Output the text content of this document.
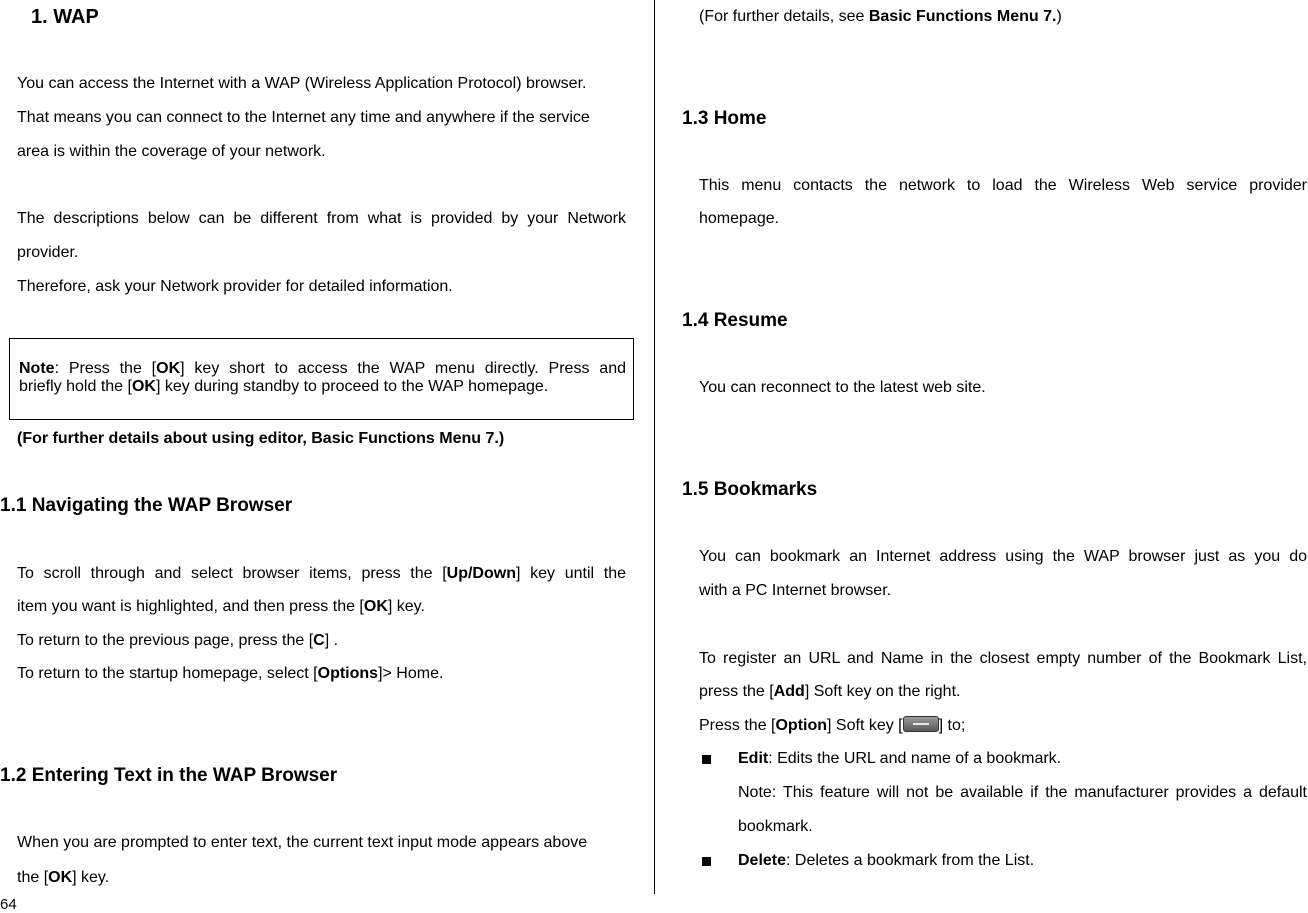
1. WAP
You can access the Internet with a WAP (Wireless Application Protocol) browser.
That means you can connect to the Internet any time and anywhere if the service
area is within the coverage of your network.
The descriptions below can be different from what is provided by your Network
provider.
Therefore, ask your Network provider for detailed information.
Note: Press the [OK] key short to access the WAP menu directly. Press and
briefly hold the [OK] key during standby to proceed to the WAP homepage.
(For further details about using editor, Basic Functions Menu 7.)
1.1 Navigating the WAP Browser
To scroll through and select browser items, press the [Up/Down] key until the
item you want is highlighted, and then press the [OK] key.
To return to the previous page, press the [C] .
To return to the startup homepage, select [Options]> Home.
1.2 Entering Text in the WAP Browser
When you are prompted to enter text, the current text input mode appears above
the [OK] key.
64
(For further details, see Basic Functions Menu 7.)
1.3 Home
This menu contacts the network to load the Wireless Web service provider
homepage.
1.4 Resume
You can reconnect to the latest web site.
1.5 Bookmarks
You can bookmark an Internet address using the WAP browser just as you do
with a PC Internet browser.
To register an URL and Name in the closest empty number of the Bookmark List,
press the [Add] Soft key on the right.
Press the [Option] Soft key [ ] to;
Edit: Edits the URL and name of a bookmark.
Note: This feature will not be available if the manufacturer provides a default
bookmark.
Delete: Deletes a bookmark from the List.
